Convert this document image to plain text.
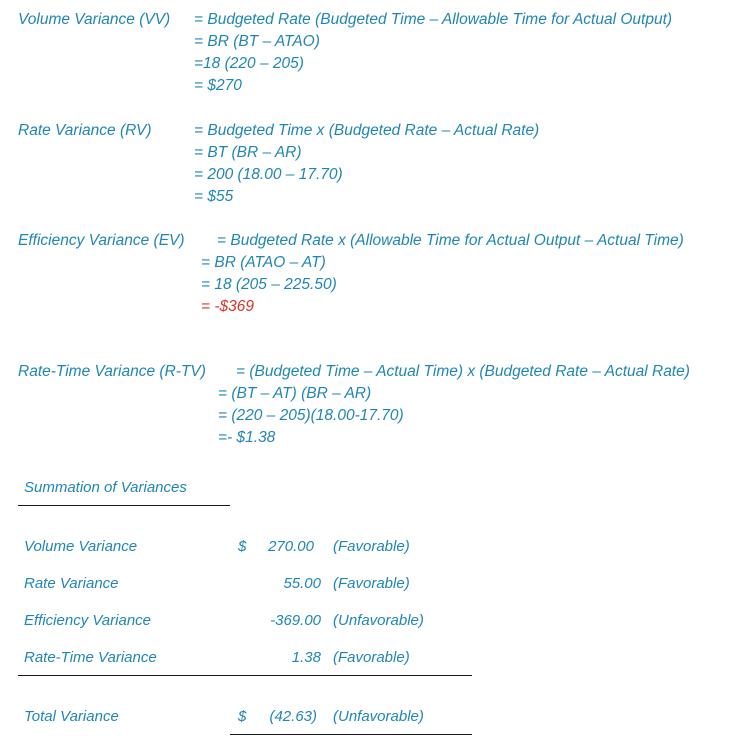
Volume Variance (VV) = Budgeted Rate (Budgeted Time – Allowable Time for Actual Output)
= BR (BT – ATAO)
=18 (220 – 205)
= $270
Rate Variance (RV)	= Budgeted Time x (Budgeted Rate – Actual Rate)
= BT (BR – AR)
= 200 (18.00 – 17.70)
= $55
Efficiency Variance (EV) = Budgeted Rate x (Allowable Time for Actual Output – Actual Time)
= BR (ATAO – AT)
= 18 (205 – 225.50)
= -$369
Rate-Time Variance (R-TV) = (Budgeted Time – Actual Time) x (Budgeted Rate – Actual Rate)
= (BT – AT) (BR – AR)
= (220 – 205)(18.00-17.70)
=- $1.38
Summation of Variances
Volume Variance	$	270.00 (Favorable)
Rate Variance	55.00 (Favorable)
Efficiency Variance	-369.00 (Unfavorable)
Rate-Time Variance	1.38 (Favorable)
Total Variance	$	(42.63) (Unfavorable)
